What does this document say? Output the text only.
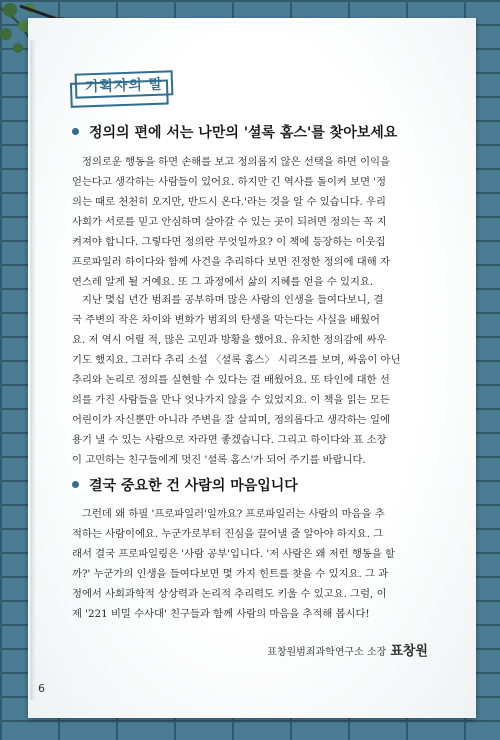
기획자의 말
정의의 편에 서는 나만의 '셜록 홈스'를 찾아보세요
정의로운 행동을 하면 손해를 보고 정의롭지 않은 선택을 하면 이익을
얻는다고 생각하는 사람들이 있어요. 하지만 긴 역사를 돌이켜 보면 '정
의는 때로 천천히 오지만, 반드시 온다.'라는 것을 알 수 있습니다. 우리
사회가 서로를 믿고 안심하며 살아갈 수 있는 곳이 되려면 정의는 꼭 지
켜져야 합니다. 그렇다면 정의란 무엇일까요? 이 책에 등장하는 이웃집
프로파일러 하이다와 함께 사건을 추리하다 보면 진정한 정의에 대해 자
연스레 알게 될 거예요. 또 그 과정에서 삶의 지혜를 얻을 수 있지요.
지난 몇십 년간 범죄를 공부하며 많은 사람의 인생을 들여다보니, 결
국 주변의 작은 차이와 변화가 범죄의 탄생을 막는다는 사실을 배웠어
요. 저 역시 어릴 적, 많은 고민과 방황을 했어요. 유치한 정의감에 싸우
기도 했지요. 그러다 추리 소설 〈셜록 홈스〉 시리즈를 보며, 싸움이 아닌
추리와 논리로 정의를 실현할 수 있다는 걸 배웠어요. 또 타인에 대한 선
의를 가진 사람들을 만나 엇나가지 않을 수 있었지요. 이 책을 읽는 모든
어린이가 자신뿐만 아니라 주변을 잘 살피며, 정의롭다고 생각하는 일에
용기 낼 수 있는 사람으로 자라면 좋겠습니다. 그리고 하이다와 표 소장
이 고민하는 친구들에게 멋진 '셜록 홈스'가 되어 주기를 바랍니다.
결국 중요한 건 사람의 마음입니다
그런데 왜 하필 '프로파일러'일까요? 프로파일러는 사람의 마음을 추
적하는 사람이에요. 누군가로부터 진심을 끌어낼 줄 알아야 하지요. 그
래서 결국 프로파일링은 '사람 공부'입니다. '저 사람은 왜 저런 행동을 할
까?' 누군가의 인생을 들여다보면 몇 가지 힌트를 찾을 수 있지요. 그 과
정에서 사회과학적 상상력과 논리적 추리력도 키울 수 있고요. 그럼, 이
제 '221 비밀 수사대' 친구들과 함께 사람의 마음을 추적해 봅시다!
표창원범죄과학연구소 소장 표창원
6
